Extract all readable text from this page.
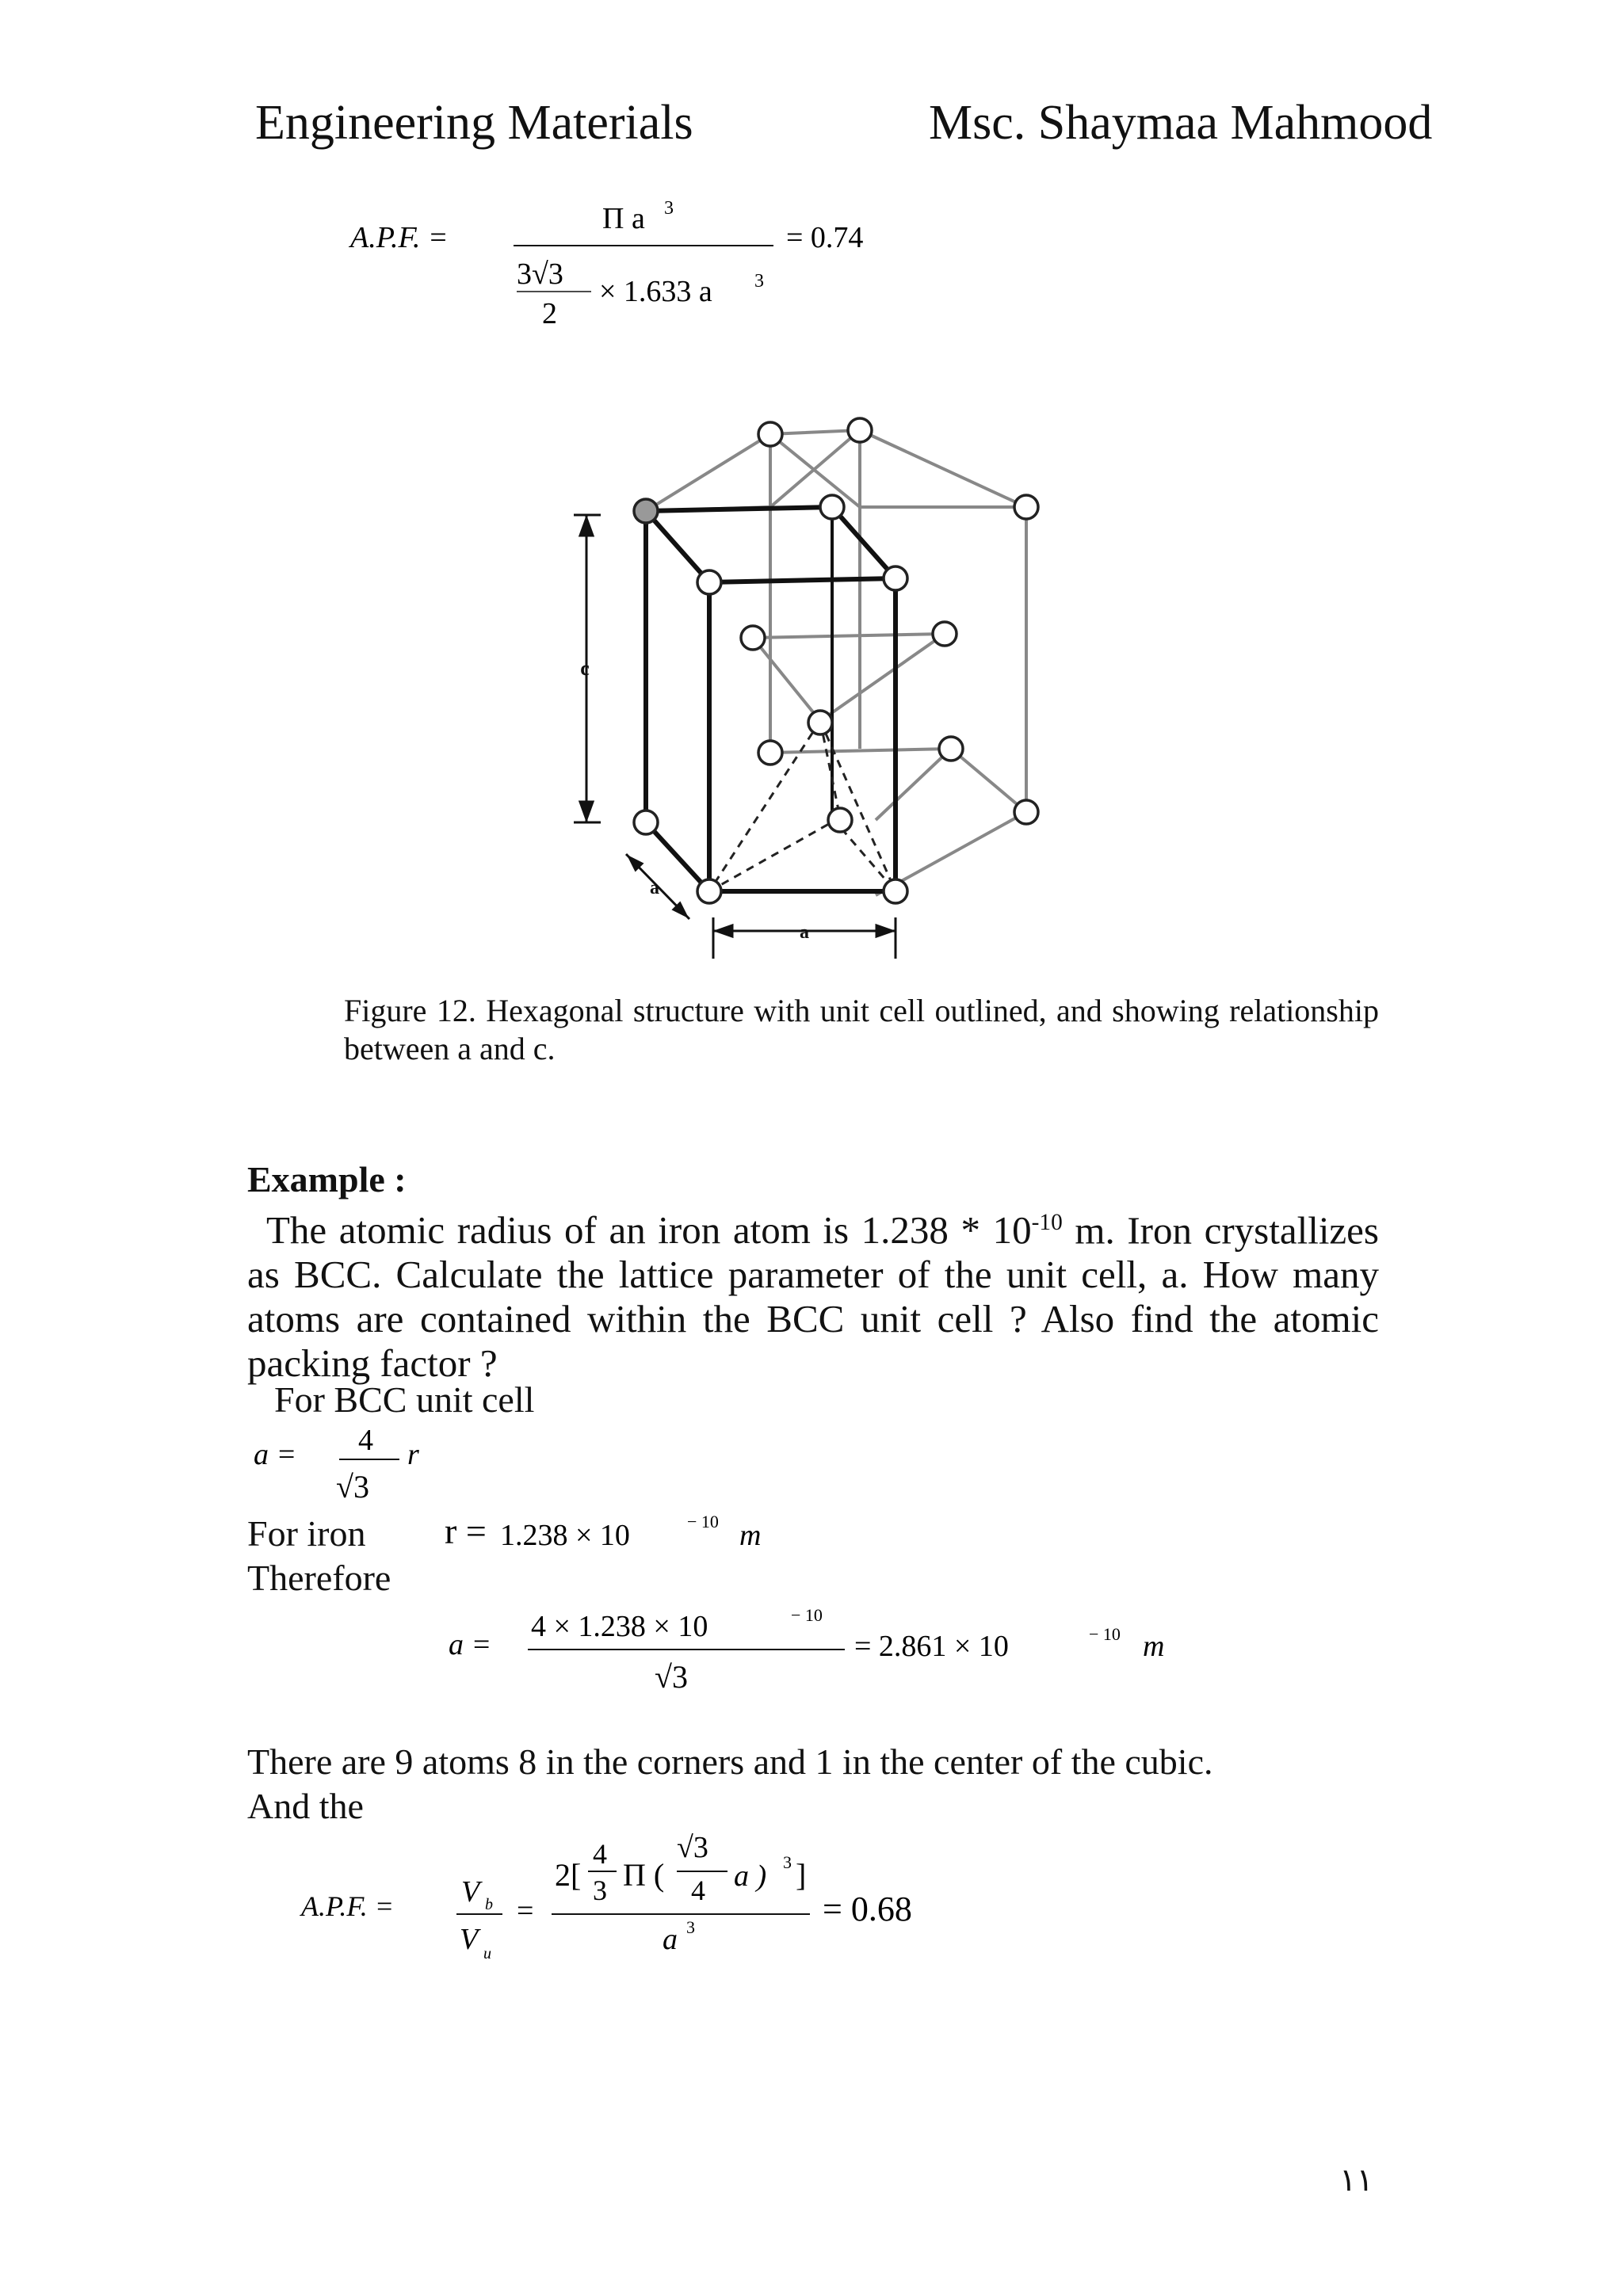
Engineering Materials	Msc. Shaymaa Mahmood
A.P.F. =
Π a 3
3√3
2
× 1.633 a 3
= 0.74
c
a
a
Figure 12. Hexagonal structure with unit cell outlined, and showing relationship between a and c.
Example :
The atomic radius of an iron atom is $1.238 * 10^{-10}$ m. Iron crystallizes as BCC. Calculate the lattice parameter of the unit cell, a. How many atoms are contained within the BCC unit cell ? Also find the atomic packing factor ?
For BCC unit cell
a = 4
√3
r
For iron r = 1.238 × 10	− 10 m
Therefore
a =
4 × 1.238 × 10	− 10
√3
= 2.861 × 10	− 10 m
There are 9 atoms 8 in the corners and 1 in the center of the cubic.
And the
A.P.F. = V b
V u
=
2[
4
3 Π (
√3
4 a ) 3 ]
a 3	= 0.68
١١
